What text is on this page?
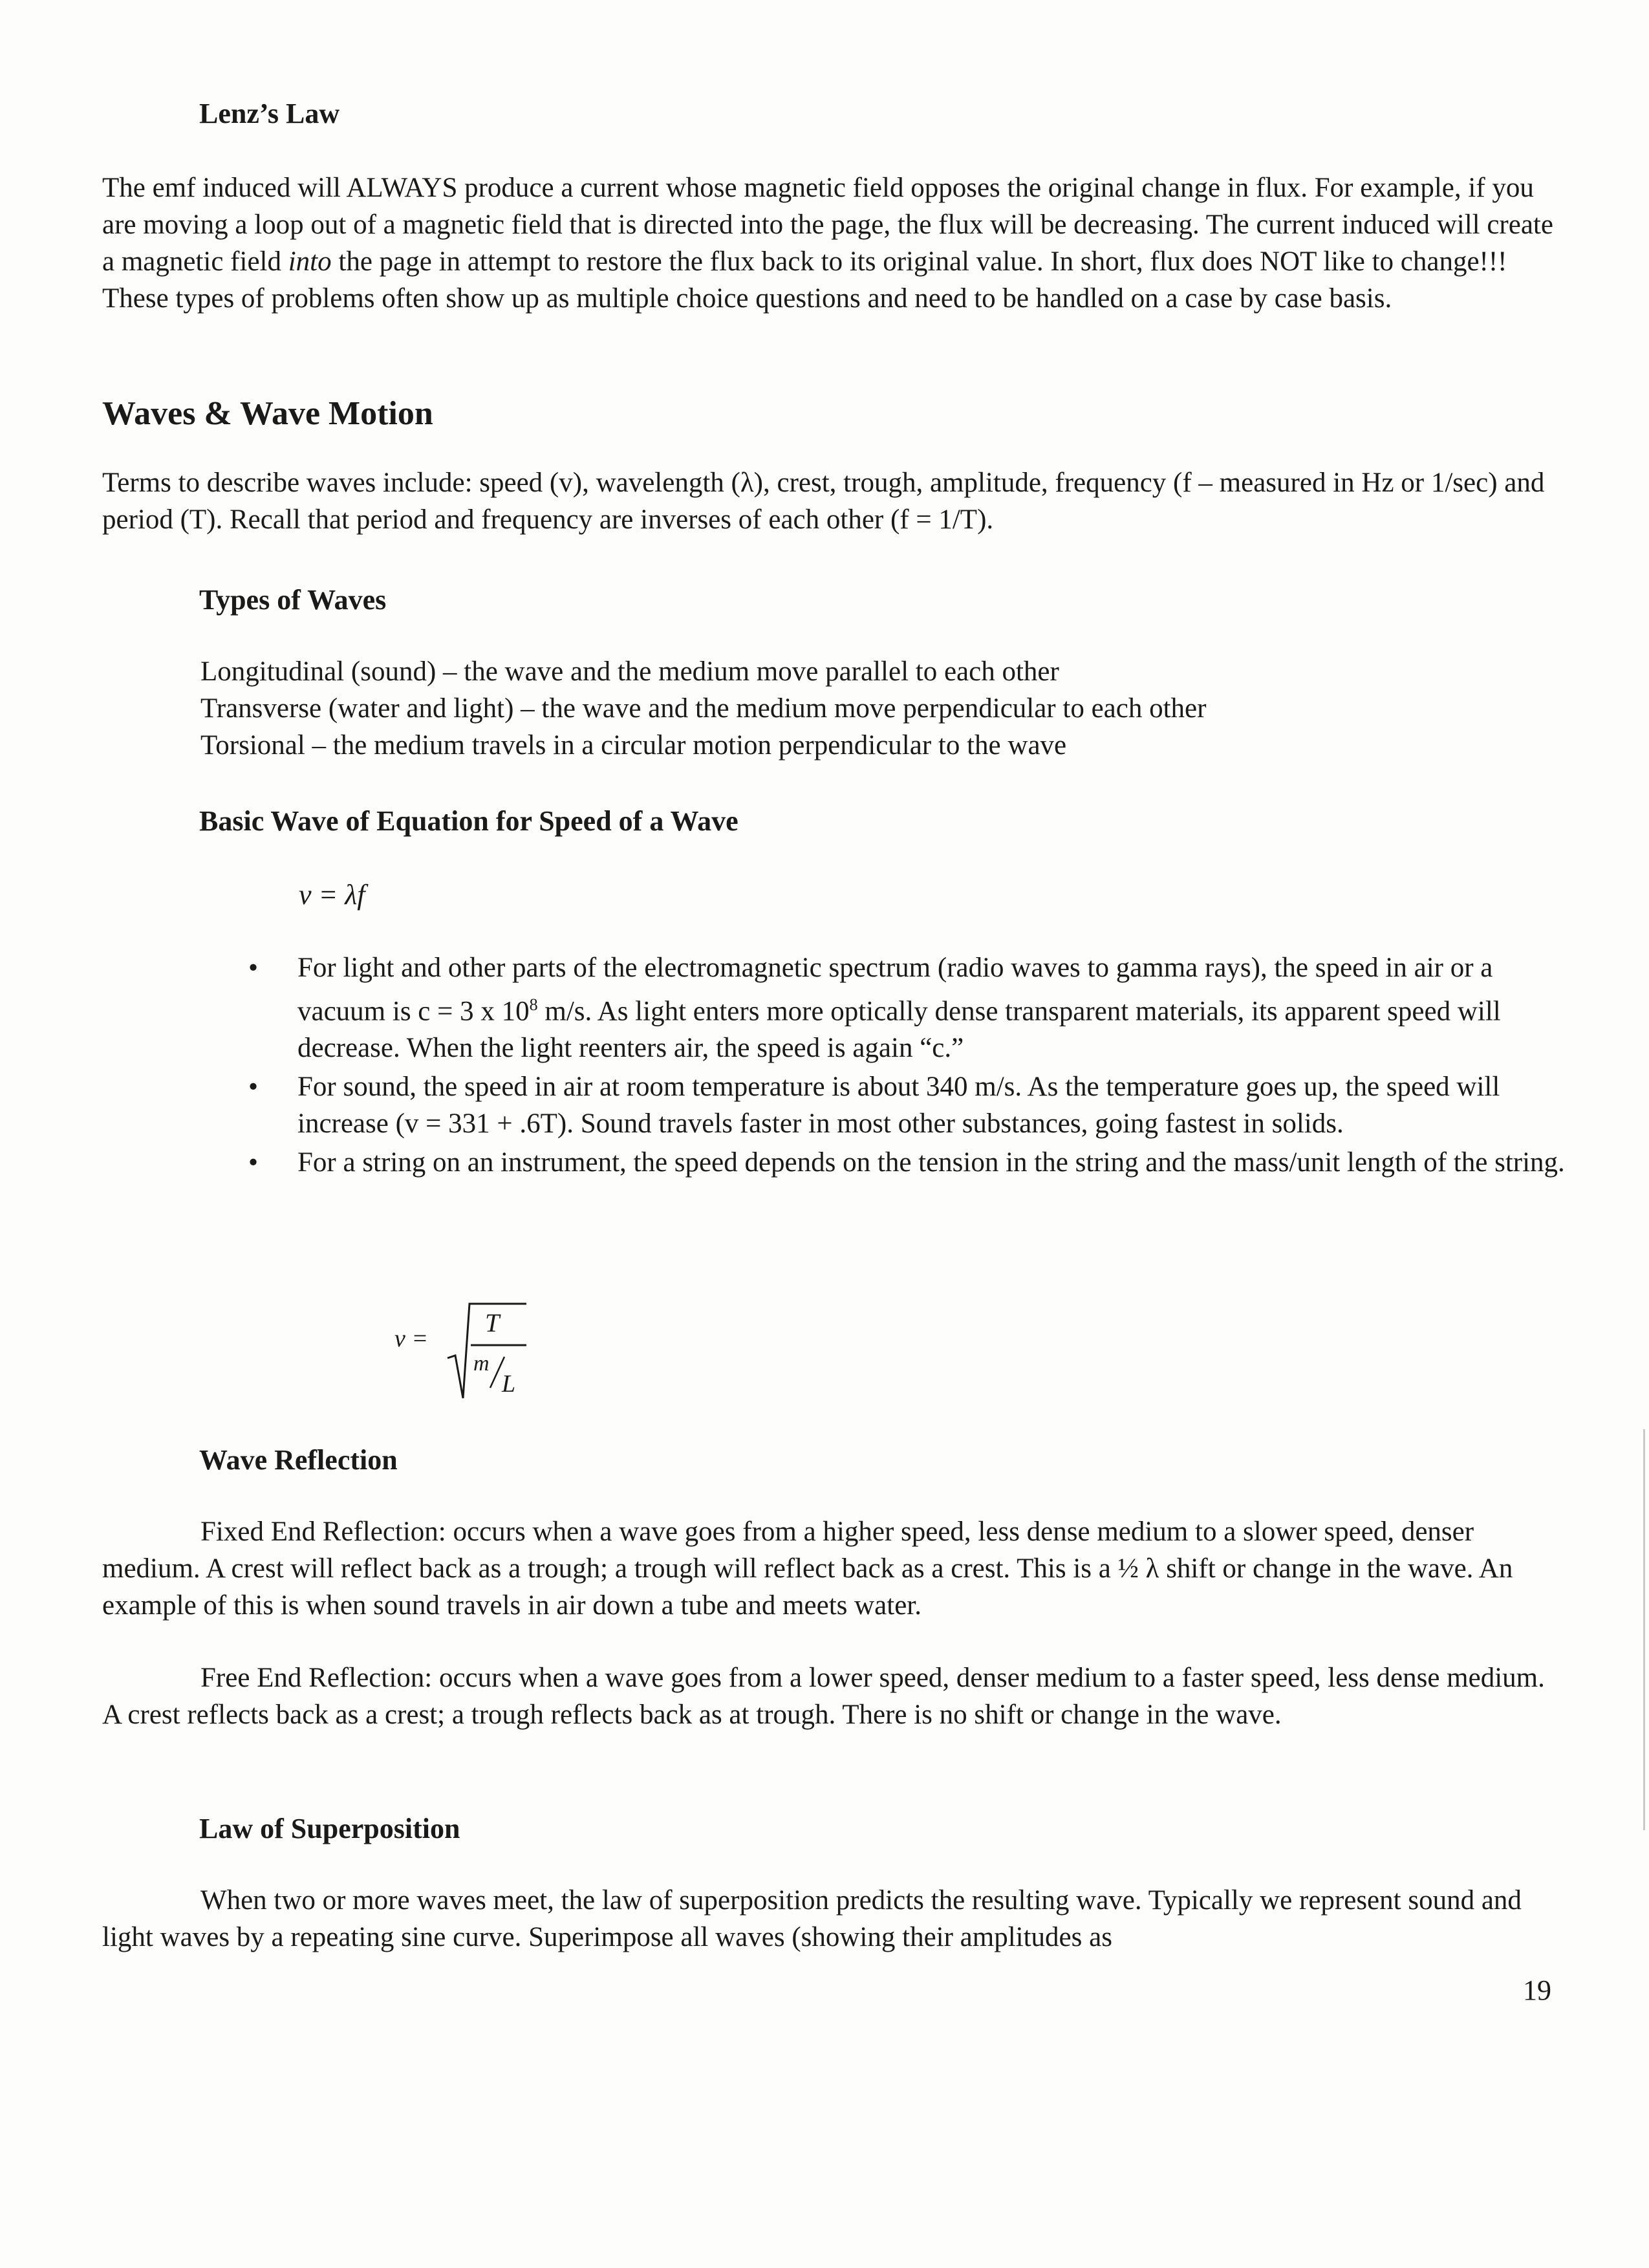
Lenz’s Law

The emf induced will ALWAYS produce a current whose magnetic field opposes the original change in flux. For example, if you are moving a loop out of a magnetic field that is directed into the page, the flux will be decreasing. The current induced will create a magnetic field into the page in attempt to restore the flux back to its original value. In short, flux does NOT like to change!!! These types of problems often show up as multiple choice questions and need to be handled on a case by case basis.

Waves & Wave Motion

Terms to describe waves include: speed (v), wavelength (λ), crest, trough, amplitude, frequency (f – measured in Hz or 1/sec) and period (T). Recall that period and frequency are inverses of each other (f = 1/T).

Types of Waves
Longitudinal (sound) – the wave and the medium move parallel to each other
Transverse (water and light) – the wave and the medium move perpendicular to each other
Torsional – the medium travels in a circular motion perpendicular to the wave
Basic Wave of Equation for Speed of a Wave
v = λf
• For light and other parts of the electromagnetic spectrum (radio waves to gamma rays), the speed in air or a vacuum is c = 3 x $10^8$ m/s. As light enters more optically dense transparent materials, its apparent speed will decrease. When the light reenters air, the speed is again “c.”
• For sound, the speed in air at room temperature is about 340 m/s. As the temperature goes up, the speed will increase (v = 331 + .6T). Sound travels faster in most other substances, going fastest in solids.
• For a string on an instrument, the speed depends on the tension in the string and the mass/unit length of the string.
v =
T
m
L
Wave Reflection

Fixed End Reflection: occurs when a wave goes from a higher speed, less dense medium to a slower speed, denser medium. A crest will reflect back as a trough; a trough will reflect back as a crest. This is a ½ λ shift or change in the wave. An example of this is when sound travels in air down a tube and meets water.

Free End Reflection: occurs when a wave goes from a lower speed, denser medium to a faster speed, less dense medium. A crest reflects back as a crest; a trough reflects back as at trough. There is no shift or change in the wave.

Law of Superposition

When two or more waves meet, the law of superposition predicts the resulting wave. Typically we represent sound and light waves by a repeating sine curve. Superimpose all waves (showing their amplitudes as

19
